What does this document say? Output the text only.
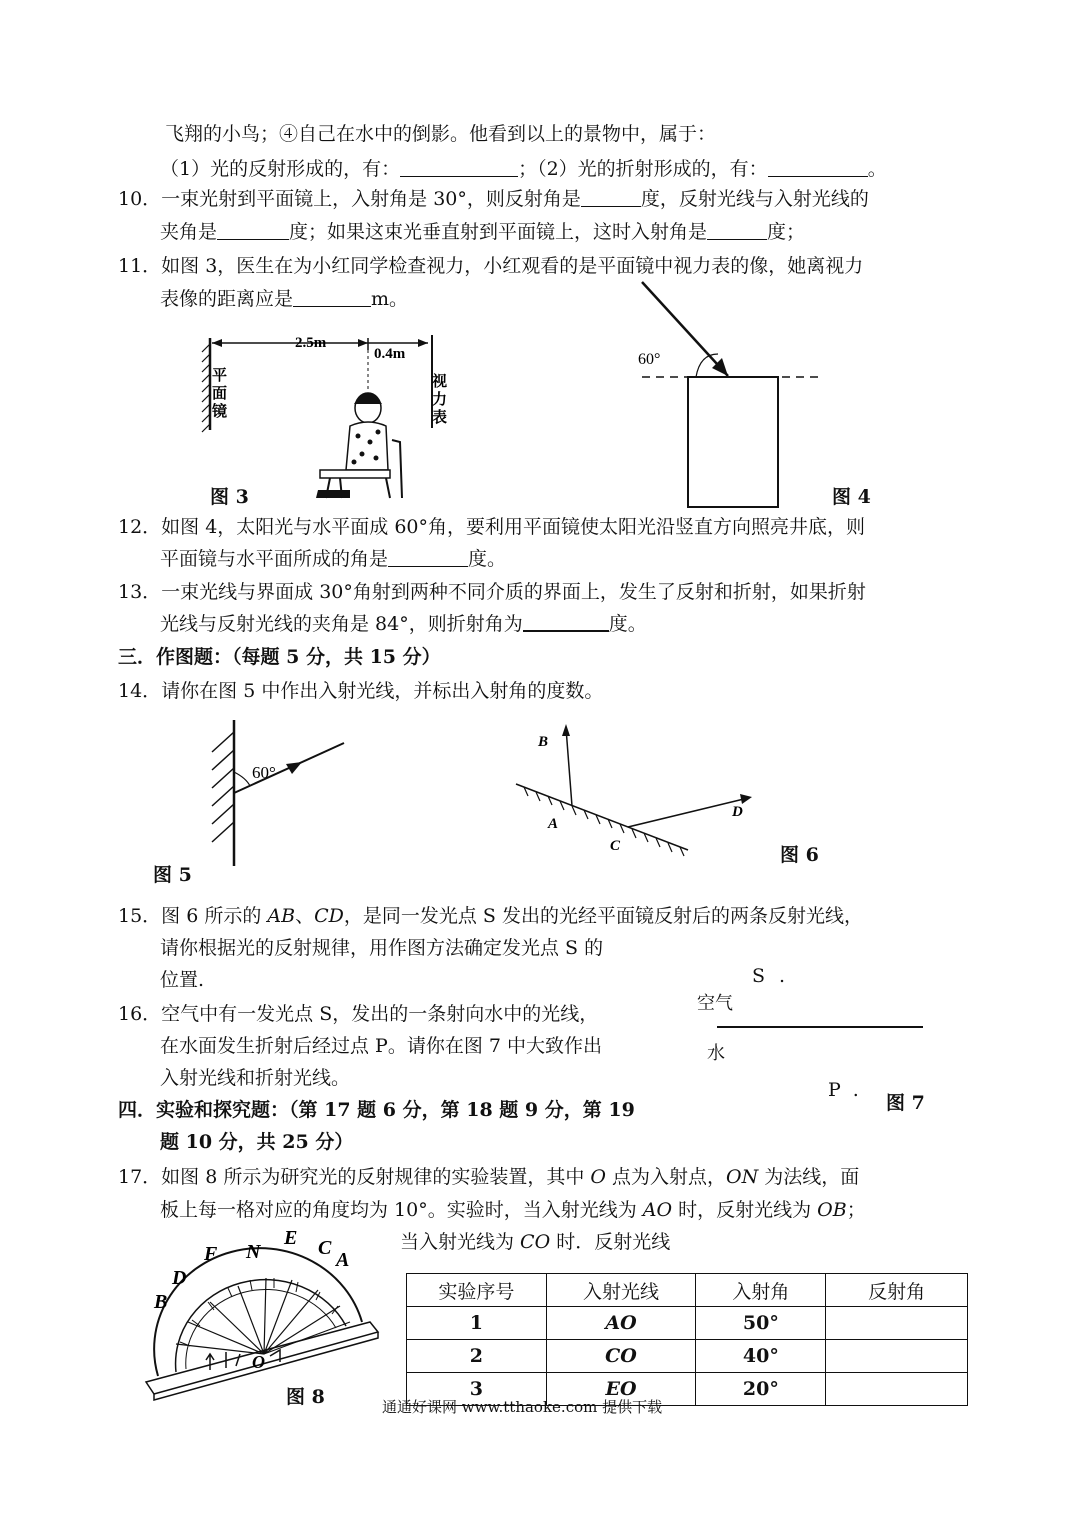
飞翔的小鸟；④自己在水中的倒影。他看到以上的景物中，属于：
（1）光的反射形成的，有：	；（2）光的折射形成的，有：	。
10．一束光射到平面镜上，入射角是 30°，则反射角是	度，反射光线与入射光线的
夹角是	度；如果这束光垂直射到平面镜上，这时入射角是	度；
11．如图 3，医生在为小红同学检查视力，小红观看的是平面镜中视力表的像，她离视力
表像的距离应是	m。
2.5m
0.4m
平
面
镜
视
力
表
图 3
60°
图 4
12．如图 4，太阳光与水平面成 60°角，要利用平面镜使太阳光沿竖直方向照亮井底，则
平面镜与水平面所成的角是	度。
13．一束光线与界面成 30°角射到两种不同介质的界面上，发生了反射和折射，如果折射
光线与反射光线的夹角是 84°，则折射角为	度。
三．作图题：（每题 5 分，共 15 分）
14．请你在图 5 中作出入射光线，并标出入射角的度数。
60°
图 5
B
A
C
D
图 6
15．图 6 所示的 AB、CD，是同一发光点 S 发出的光经平面镜反射后的两条反射光线，
请你根据光的反射规律，用作图方法确定发光点 S 的
位置.
16．空气中有一发光点 S，发出的一条射向水中的光线，
在水面发生折射后经过点 P。请你在图 7 中大致作出
入射光线和折射光线。
四．实验和探究题：（第 17 题 6 分，第 18 题 9 分，第 19
题 10 分，共 25 分）
S .
空气
水
P .
图 7
17．如图 8 所示为研究光的反射规律的实验装置，其中 O 点为入射点，ON 为法线，面
板上每一格对应的角度均为 10°。实验时，当入射光线为 AO 时，反射光线为 OB；
当入射光线为 CO 时．反射光线
F N
E C
A
D
B
O
图 8
实验序号	入射光线	入射角	反射角
1	AO	50°	
2	CO	40°	
3	EO	20°	
通通好课网 www.tthaoke.com 提供下载
